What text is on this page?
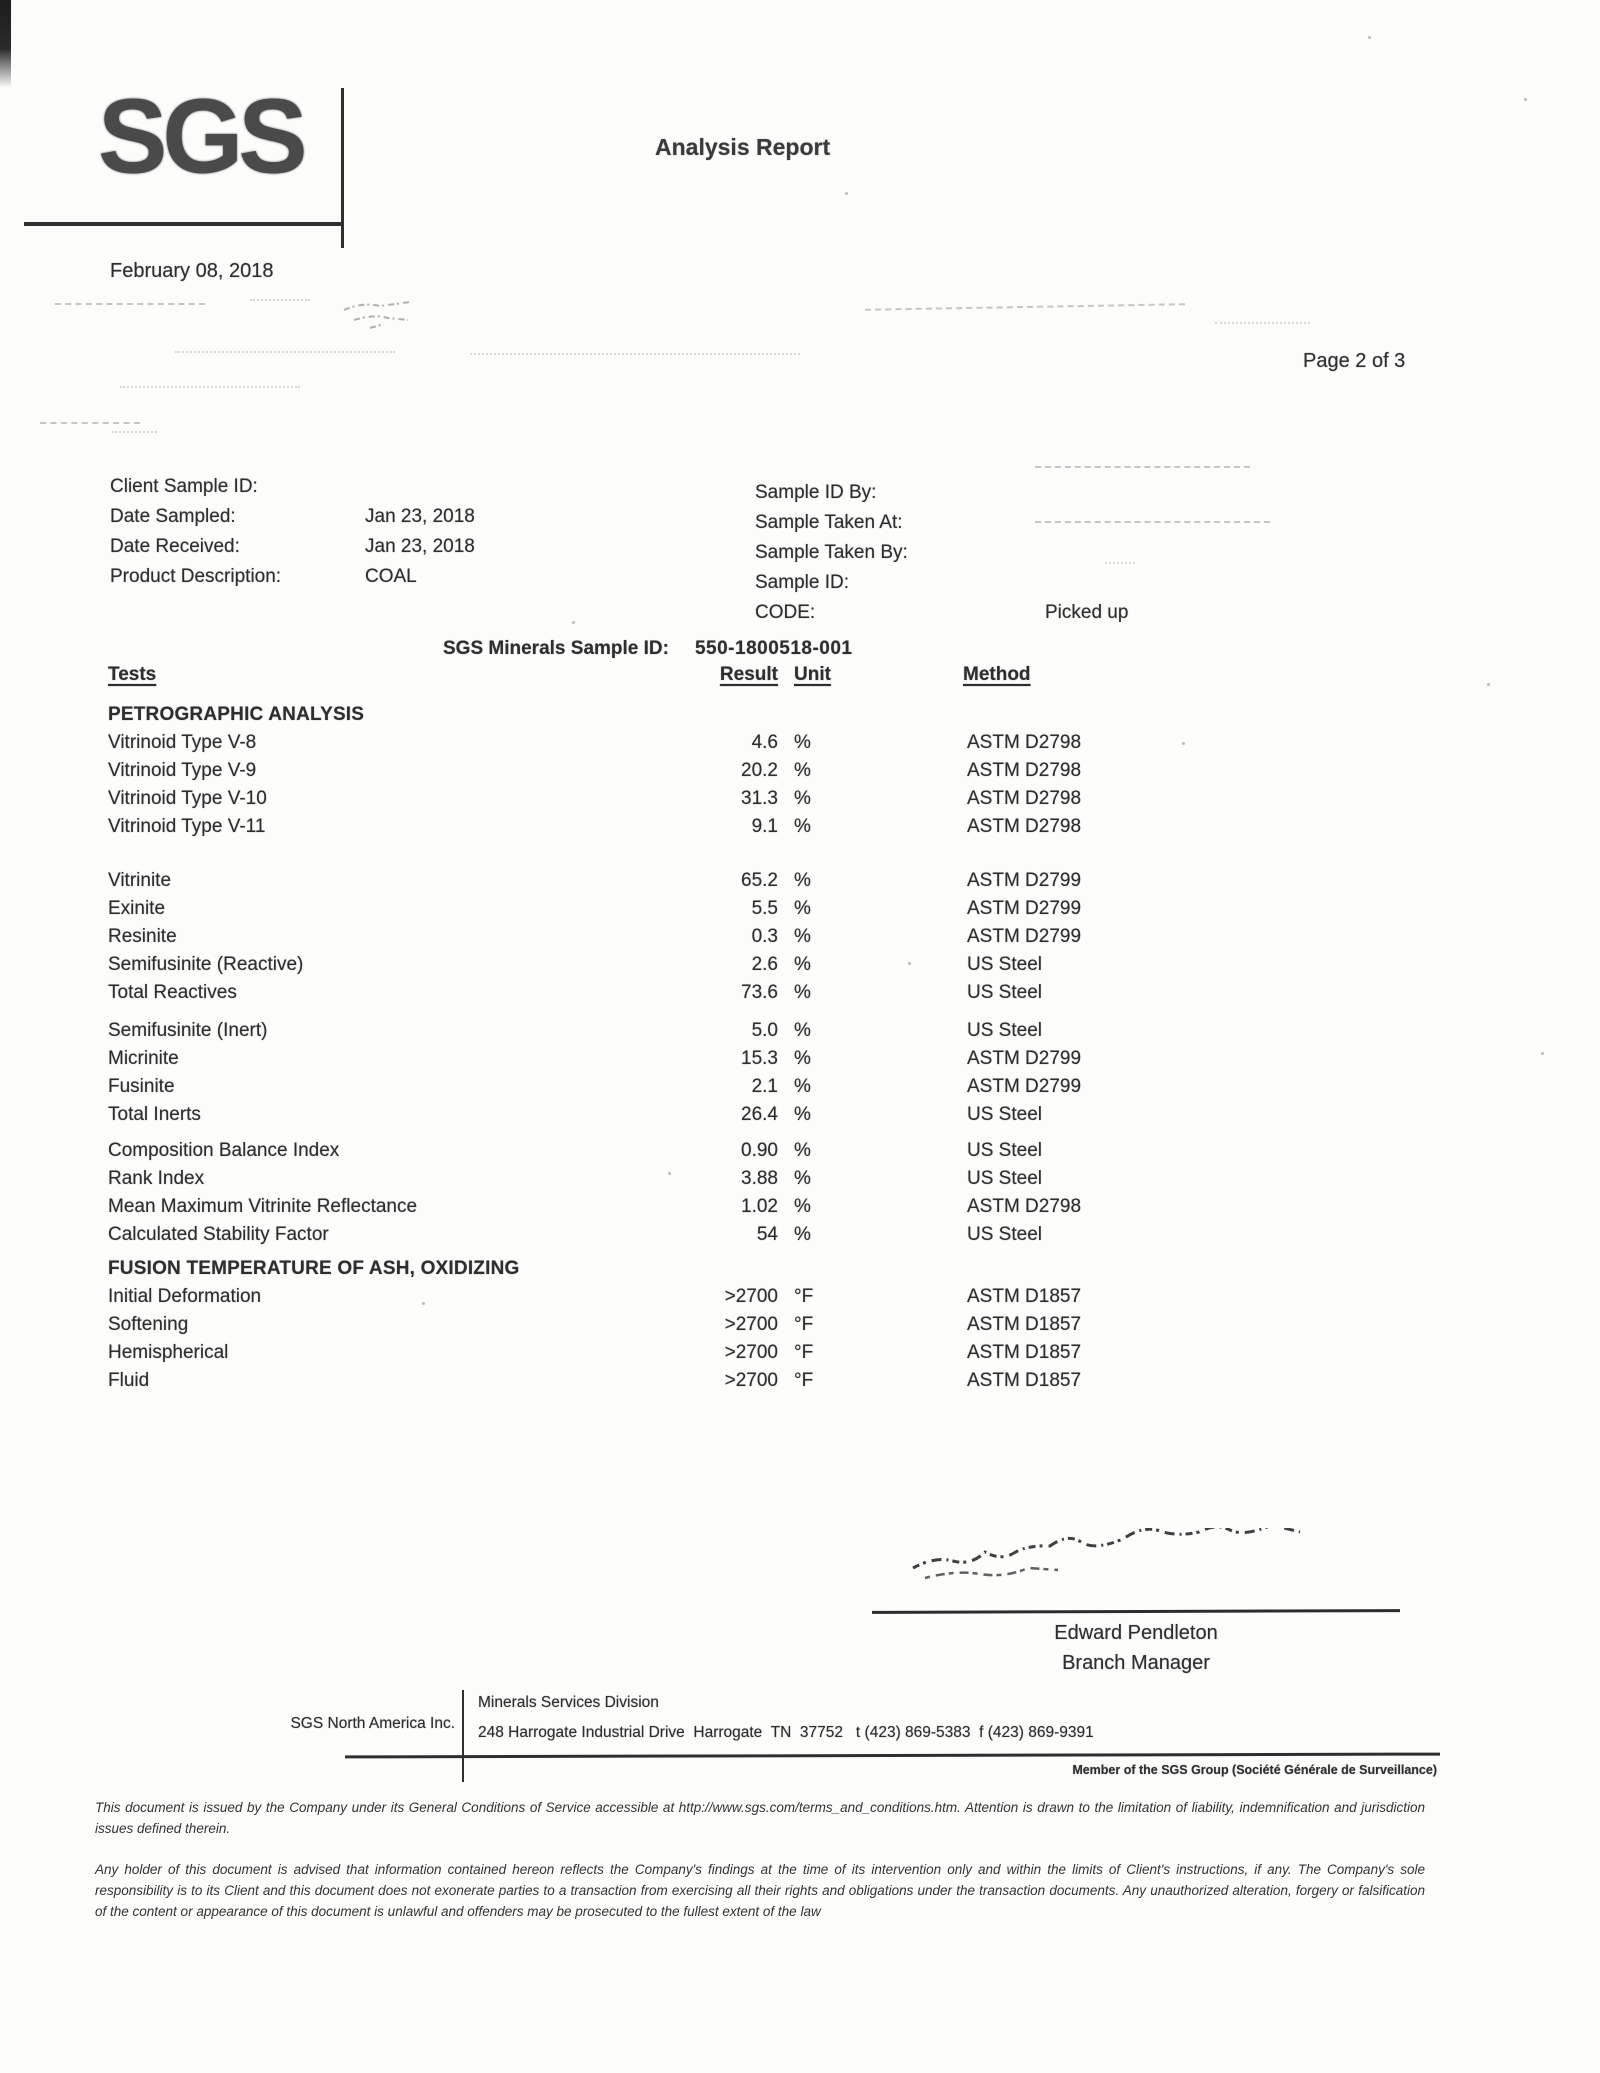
SGS	Analysis Report
February 08, 2018
Page 2 of 3
Client Sample ID:
Date Sampled:	Jan 23, 2018
Date Received:	Jan 23, 2018
Product Description:	COAL
Sample ID By:
Sample Taken At:
Sample Taken By:
Sample ID:
CODE:	Picked up
SGS Minerals Sample ID: 550-1800518-001
Tests	Result Unit	Method
PETROGRAPHIC ANALYSIS
Vitrinoid Type V-8	4.6 %	ASTM D2798
Vitrinoid Type V-9	20.2 %	ASTM D2798
Vitrinoid Type V-10	31.3 %	ASTM D2798
Vitrinoid Type V-11	9.1 %	ASTM D2798
Vitrinite	65.2 %	ASTM D2799
Exinite	5.5 %	ASTM D2799
Resinite	0.3 %	ASTM D2799
Semifusinite (Reactive)	2.6 %	US Steel
Total Reactives	73.6 %	US Steel
Semifusinite (Inert)	5.0 %	US Steel
Micrinite	15.3 %	ASTM D2799
Fusinite	2.1 %	ASTM D2799
Total Inerts	26.4 %	US Steel
Composition Balance Index	0.90 %	US Steel
Rank Index	3.88 %	US Steel
Mean Maximum Vitrinite Reflectance	1.02 %	ASTM D2798
Calculated Stability Factor	54 %	US Steel
FUSION TEMPERATURE OF ASH, OXIDIZING
Initial Deformation	>2700 °F	ASTM D1857
Softening	>2700 °F	ASTM D1857
Hemispherical	>2700 °F	ASTM D1857
Fluid	>2700 °F	ASTM D1857
Edward Pendleton
Branch Manager
SGS North America Inc.
Minerals Services Division
248 Harrogate Industrial Drive  Harrogate  TN  37752   t (423) 869-5383  f (423) 869-9391
Member of the SGS Group (Société Générale de Surveillance)
This document is issued by the Company under its General Conditions of Service accessible at http://www.sgs.com/terms_and_conditions.htm. Attention is drawn to the limitation of liability, indemnification and jurisdiction issues defined therein.
Any holder of this document is advised that information contained hereon reflects the Company's findings at the time of its intervention only and within the limits of Client's instructions, if any. The Company's sole responsibility is to its Client and this document does not exonerate parties to a transaction from exercising all their rights and obligations under the transaction documents. Any unauthorized alteration, forgery or falsification of the content or appearance of this document is unlawful and offenders may be prosecuted to the fullest extent of the law
